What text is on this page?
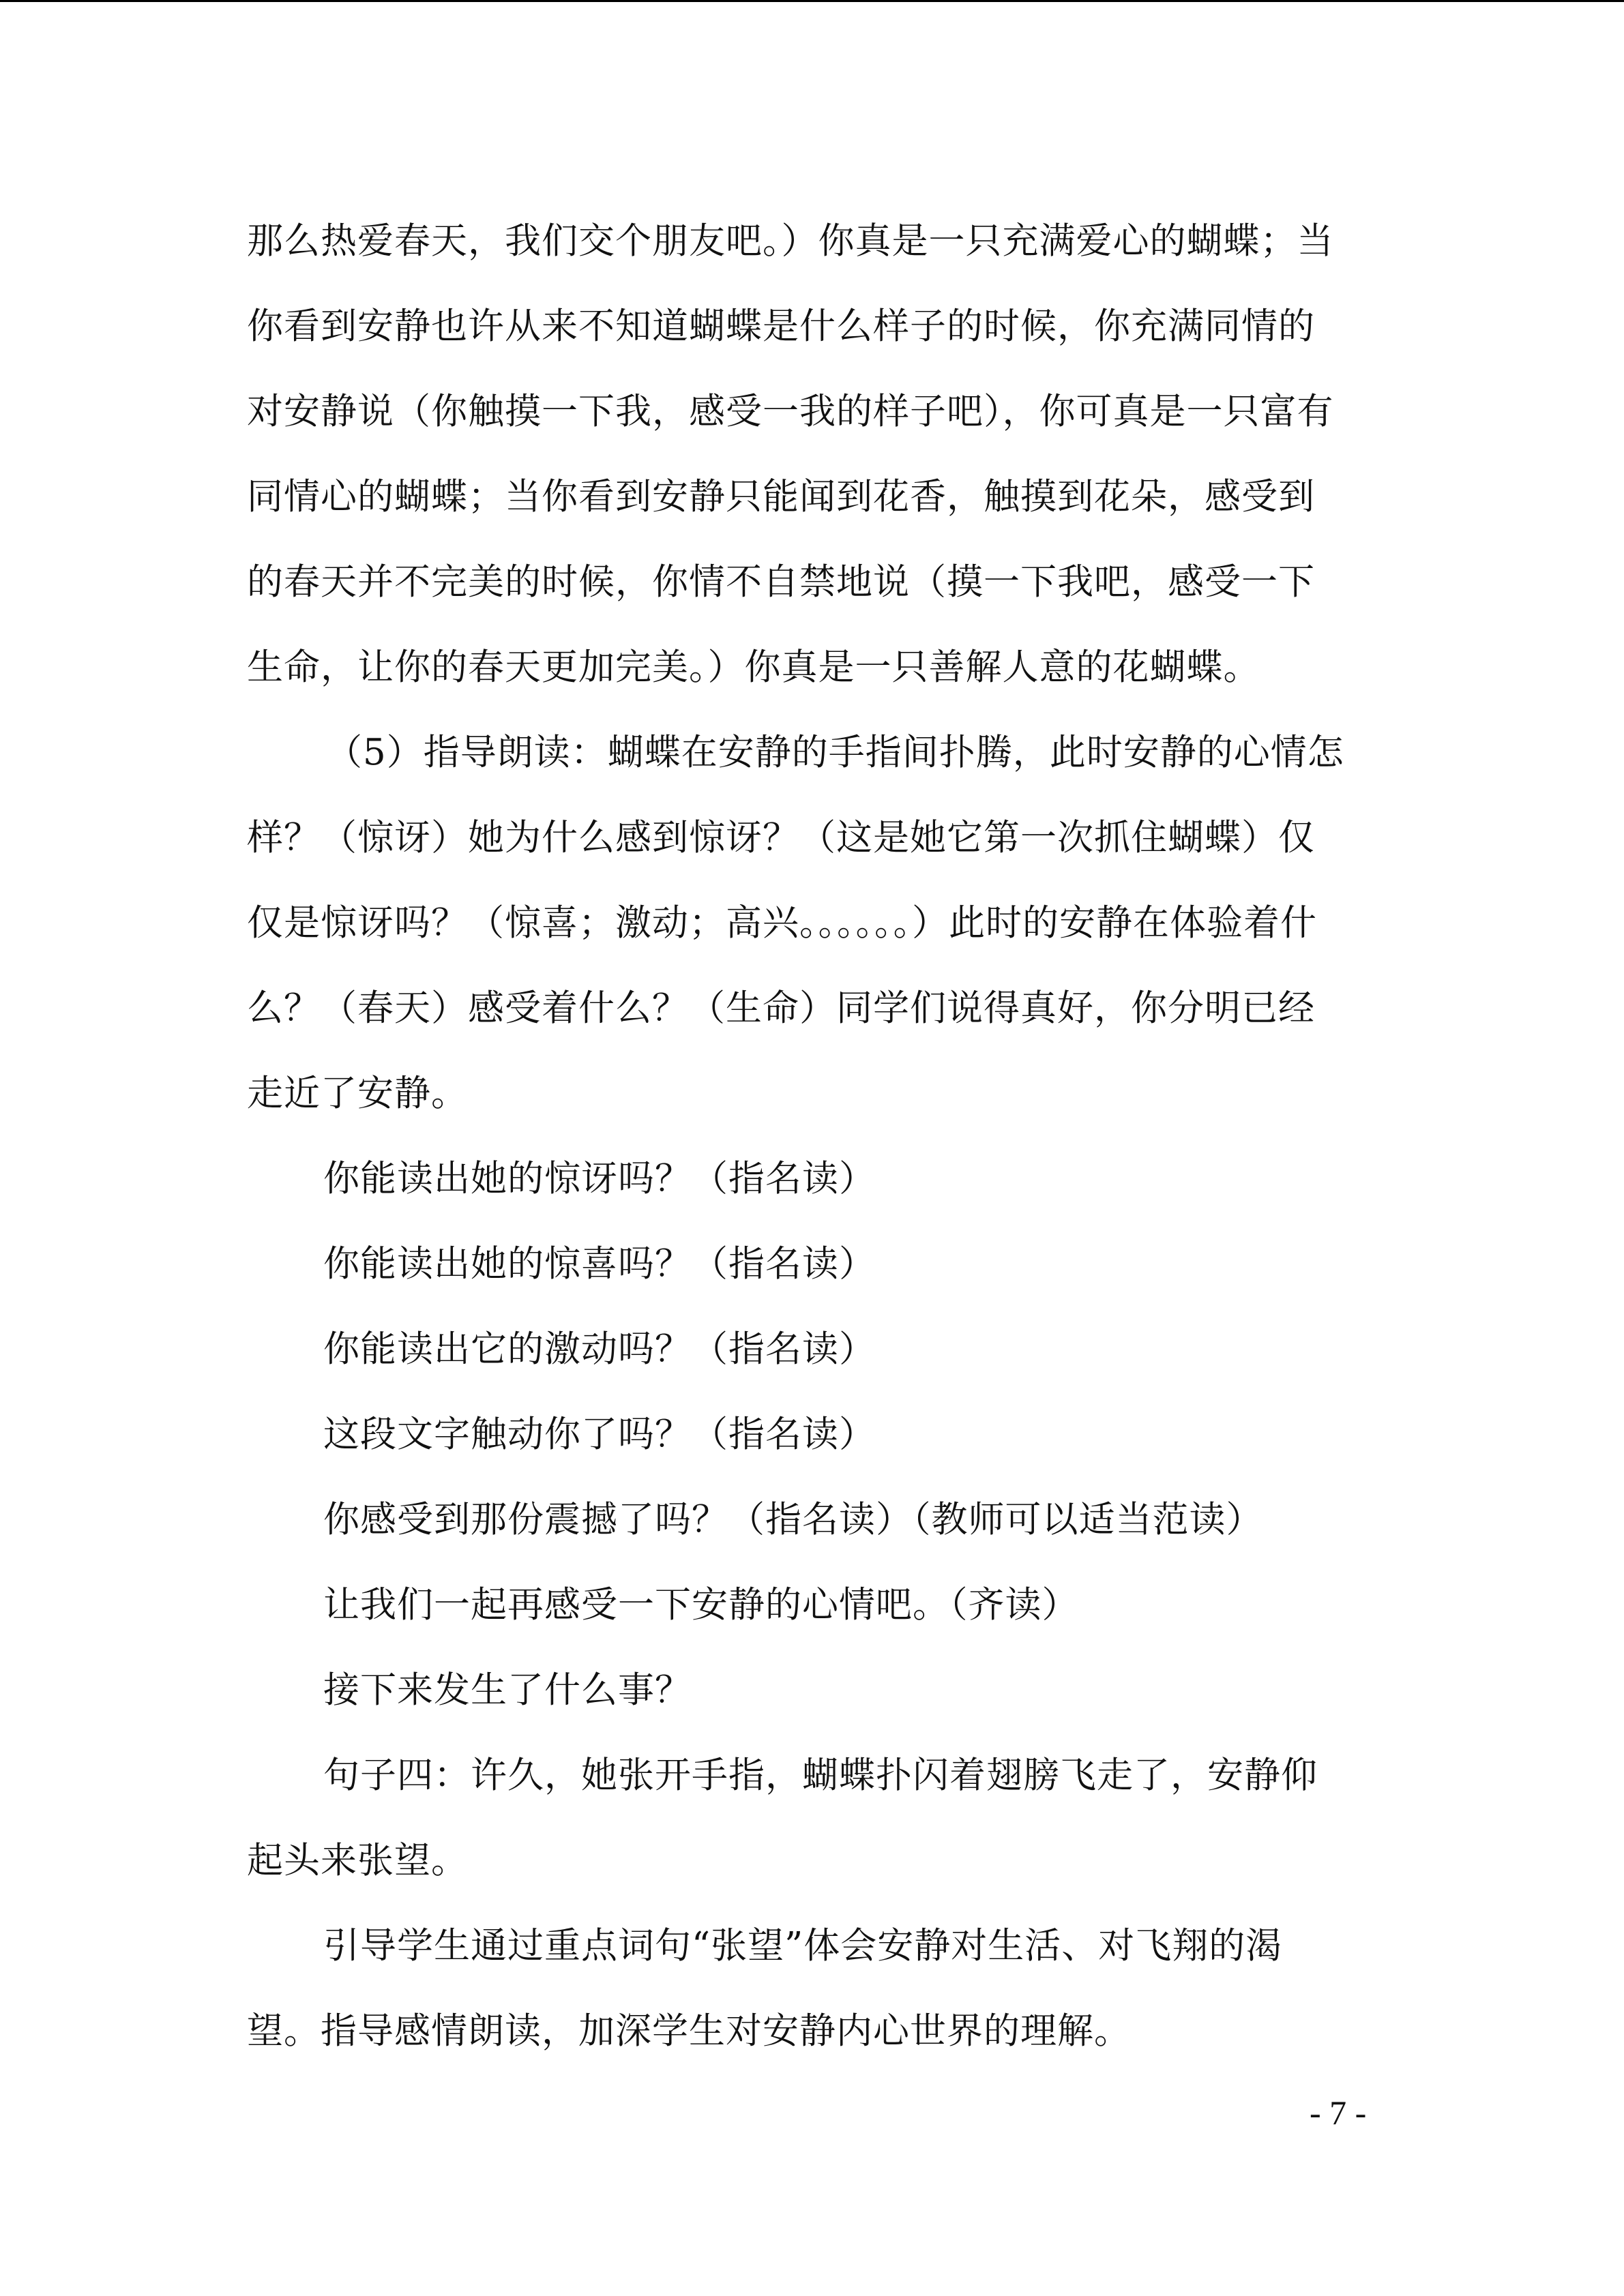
那么热爱春天，我们交个朋友吧。）你真是一只充满爱心的蝴蝶；当
你看到安静也许从来不知道蝴蝶是什么样子的时候，你充满同情的
对安静说（你触摸一下我，感受一我的样子吧），你可真是一只富有
同情心的蝴蝶；当你看到安静只能闻到花香，触摸到花朵，感受到
的春天并不完美的时候，你情不自禁地说（摸一下我吧，感受一下
生命，让你的春天更加完美。）你真是一只善解人意的花蝴蝶。
（5）指导朗读：蝴蝶在安静的手指间扑腾，此时安静的心情怎
样？（惊讶）她为什么感到惊讶？（这是她它第一次抓住蝴蝶）仅
仅是惊讶吗？（惊喜；激动；高兴。。。。。。）此时的安静在体验着什
么？（春天）感受着什么？（生命）同学们说得真好，你分明已经
走近了安静。
你能读出她的惊讶吗？（指名读）
你能读出她的惊喜吗？（指名读）
你能读出它的激动吗？（指名读）
这段文字触动你了吗？（指名读）
你感受到那份震撼了吗？（指名读）（教师可以适当范读）
让我们一起再感受一下安静的心情吧。（齐读）
接下来发生了什么事？
句子四：许久，她张开手指，蝴蝶扑闪着翅膀飞走了，安静仰
起头来张望。
引导学生通过重点词句“张望”体会安静对生活、对飞翔的渴
望。指导感情朗读，加深学生对安静内心世界的理解。
- 7 -
